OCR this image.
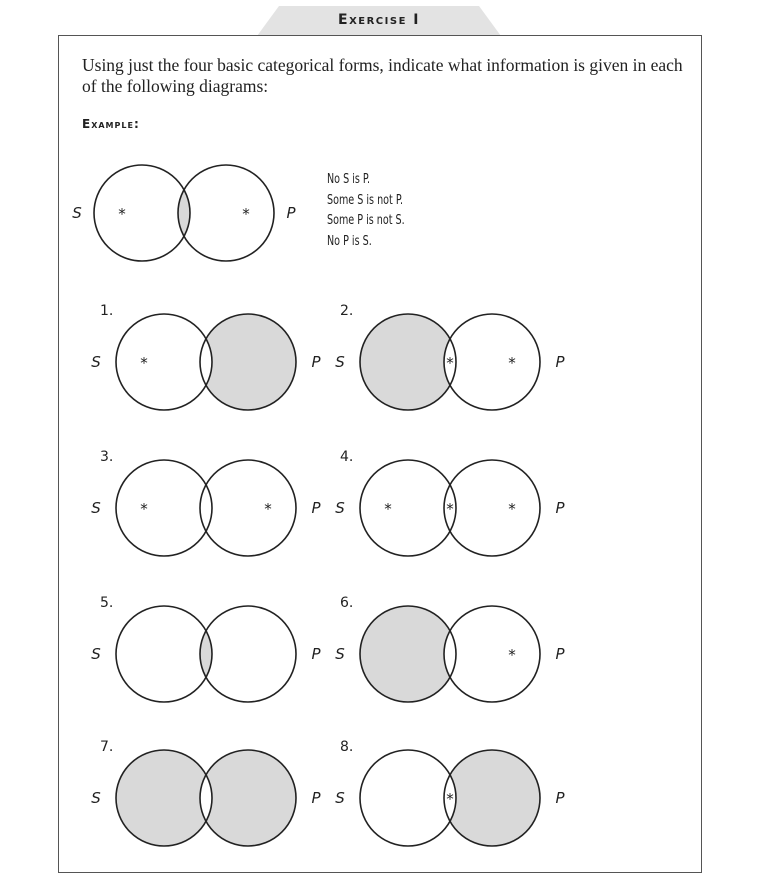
Exercise I
Using just the four basic categorical forms, indicate what information is given in each of the following diagrams:
Example:
No S is P.
Some S is not P.
Some P is not S.
No P is S.
*	*
S	P
*
S	P
1.
*	*
S	P
2.
*	*
S	P
3.
*	*	*
S	P
4.
S	P
5.
*
S	P
6.
S	P
7.
*
S	P
8.
